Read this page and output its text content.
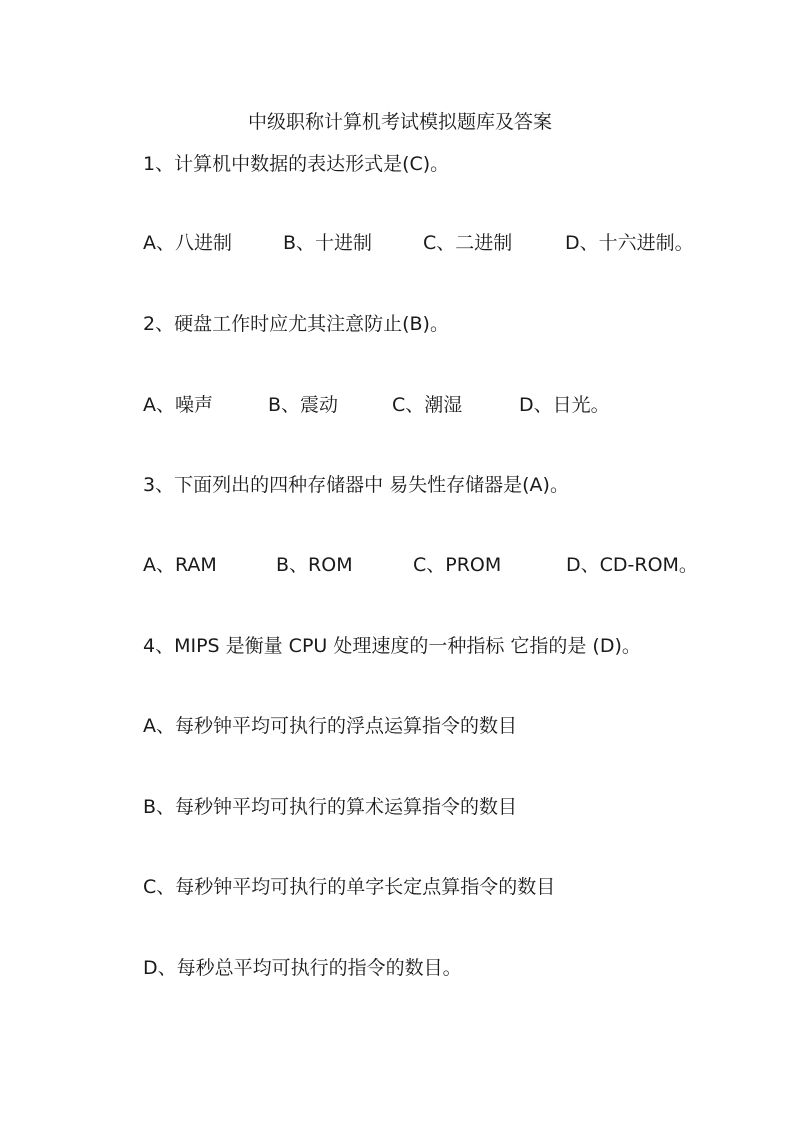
中级职称计算机考试模拟题库及答案
1、计算机中数据的表达形式是(C)。
A、八进制	B、十进制	C、二进制	D、十六进制。
2、硬盘工作时应尤其注意防止(B)。
A、噪声	B、震动	C、潮湿	D、日光。
3、下面列出的四种存储器中 易失性存储器是(A)。
A、RAM	B、ROM	C、PROM	D、CD-ROM。
4、MIPS 是衡量 CPU 处理速度的一种指标 它指的是 (D)。
A、每秒钟平均可执行的浮点运算指令的数目
B、每秒钟平均可执行的算术运算指令的数目
C、每秒钟平均可执行的单字长定点算指令的数目
D、每秒总平均可执行的指令的数目。
